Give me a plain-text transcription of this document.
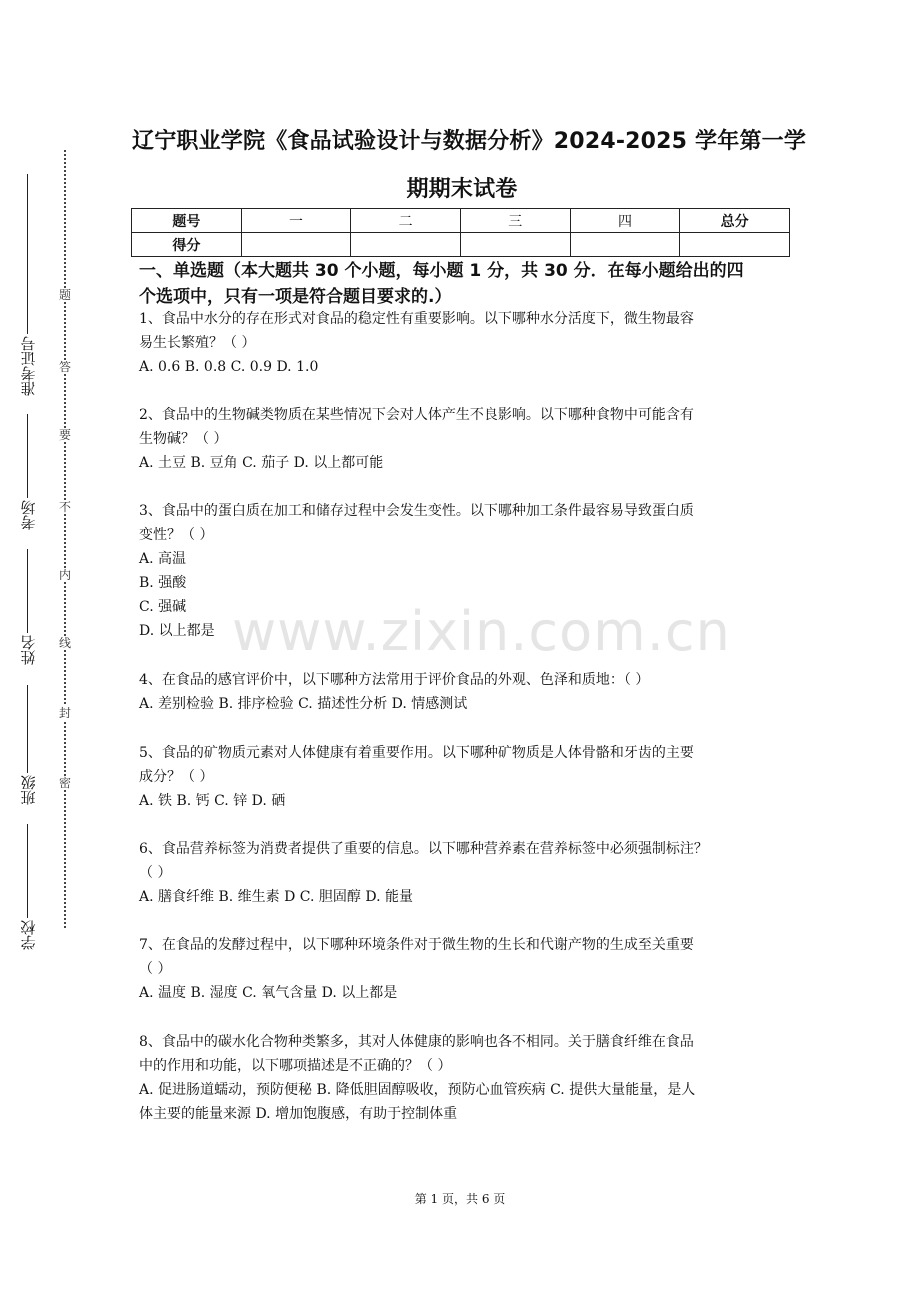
题
答
要
不
内
线
封
密
准考证号
考场
姓名
班级
学校
辽宁职业学院《食品试验设计与数据分析》2024-2025 学年第一学
期期末试卷
题号	一	二	三	四	总分
得分					
一、单选题（本大题共 30 个小题，每小题 1 分，共 30 分．在每小题给出的四
个选项中，只有一项是符合题目要求的.）

1、食品中水分的存在形式对食品的稳定性有重要影响。以下哪种水分活度下，微生物最容

易生长繁殖？（ ）

A. 0.6 B. 0.8 C. 0.9 D. 1.0

2、食品中的生物碱类物质在某些情况下会对人体产生不良影响。以下哪种食物中可能含有

生物碱？（ ）

A. 土豆 B. 豆角 C. 茄子 D. 以上都可能

3、食品中的蛋白质在加工和储存过程中会发生变性。以下哪种加工条件最容易导致蛋白质

变性？（ ）

A. 高温

B. 强酸

C. 强碱

D. 以上都是

4、在食品的感官评价中，以下哪种方法常用于评价食品的外观、色泽和质地：（ ）

A. 差别检验 B. 排序检验 C. 描述性分析 D. 情感测试

5、食品的矿物质元素对人体健康有着重要作用。以下哪种矿物质是人体骨骼和牙齿的主要

成分？（ ）

A. 铁 B. 钙 C. 锌 D. 硒

6、食品营养标签为消费者提供了重要的信息。以下哪种营养素在营养标签中必须强制标注？

（ ）

A. 膳食纤维 B. 维生素 D C. 胆固醇 D. 能量

7、在食品的发酵过程中，以下哪种环境条件对于微生物的生长和代谢产物的生成至关重要

（ ）

A. 温度 B. 湿度 C. 氧气含量 D. 以上都是

8、食品中的碳水化合物种类繁多，其对人体健康的影响也各不相同。关于膳食纤维在食品

中的作用和功能，以下哪项描述是不正确的？（ ）

A. 促进肠道蠕动，预防便秘 B. 降低胆固醇吸收，预防心血管疾病 C. 提供大量能量，是人

体主要的能量来源 D. 增加饱腹感，有助于控制体重

www.zixin.com.cn
第 1 页，共 6 页
